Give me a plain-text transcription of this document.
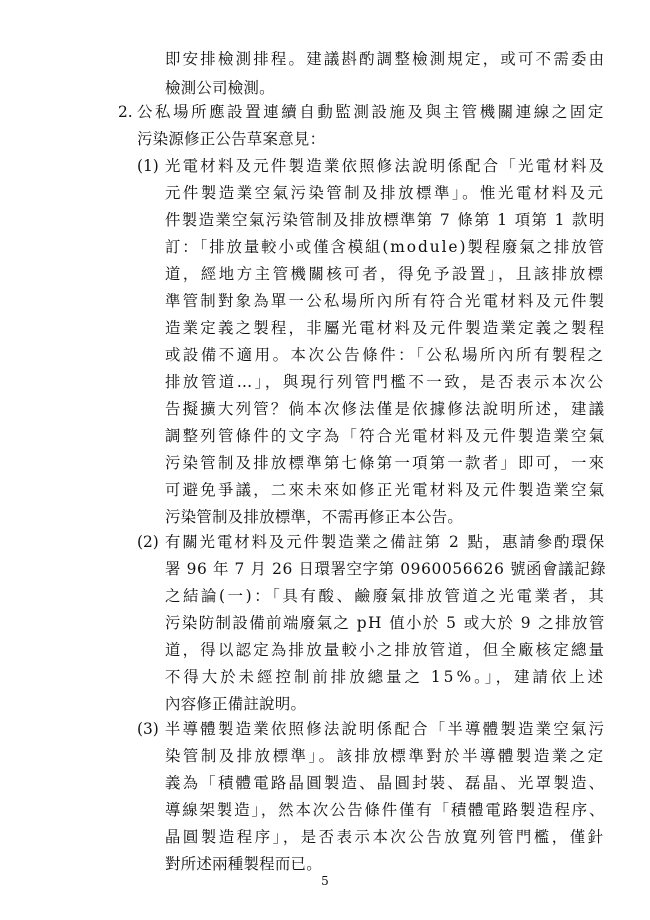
即安排檢測排程。建議斟酌調整檢測規定，或可不需委由
檢測公司檢測。
2. 公私場所應設置連續自動監測設施及與主管機關連線之固定
污染源修正公告草案意見：
(1) 光電材料及元件製造業依照修法說明係配合「光電材料及
元件製造業空氣污染管制及排放標準」。惟光電材料及元
件製造業空氣污染管制及排放標準第 7 條第 1 項第 1 款明
訂：「排放量較小或僅含模組(module)製程廢氣之排放管
道，經地方主管機關核可者，得免予設置」，且該排放標
準管制對象為單一公私場所內所有符合光電材料及元件製
造業定義之製程，非屬光電材料及元件製造業定義之製程
或設備不適用。本次公告條件：「公私場所內所有製程之
排放管道…」，與現行列管門檻不一致，是否表示本次公
告擬擴大列管？倘本次修法僅是依據修法說明所述，建議
調整列管條件的文字為「符合光電材料及元件製造業空氣
污染管制及排放標準第七條第一項第一款者」即可，一來
可避免爭議，二來未來如修正光電材料及元件製造業空氣
污染管制及排放標準，不需再修正本公告。
(2) 有關光電材料及元件製造業之備註第 2 點，惠請參酌環保
署 96 年 7 月 26 日環署空字第 0960056626 號函會議記錄
之結論(一)：「具有酸、鹼廢氣排放管道之光電業者，其
污染防制設備前端廢氣之 pH 值小於 5 或大於 9 之排放管
道，得以認定為排放量較小之排放管道，但全廠核定總量
不得大於未經控制前排放總量之 15%。」，建請依上述
內容修正備註說明。
(3) 半導體製造業依照修法說明係配合「半導體製造業空氣污
染管制及排放標準」。該排放標準對於半導體製造業之定
義為「積體電路晶圓製造、晶圓封裝、磊晶、光罩製造、
導線架製造」，然本次公告條件僅有「積體電路製造程序、
晶圓製造程序」，是否表示本次公告放寬列管門檻，僅針
對所述兩種製程而已。
5
